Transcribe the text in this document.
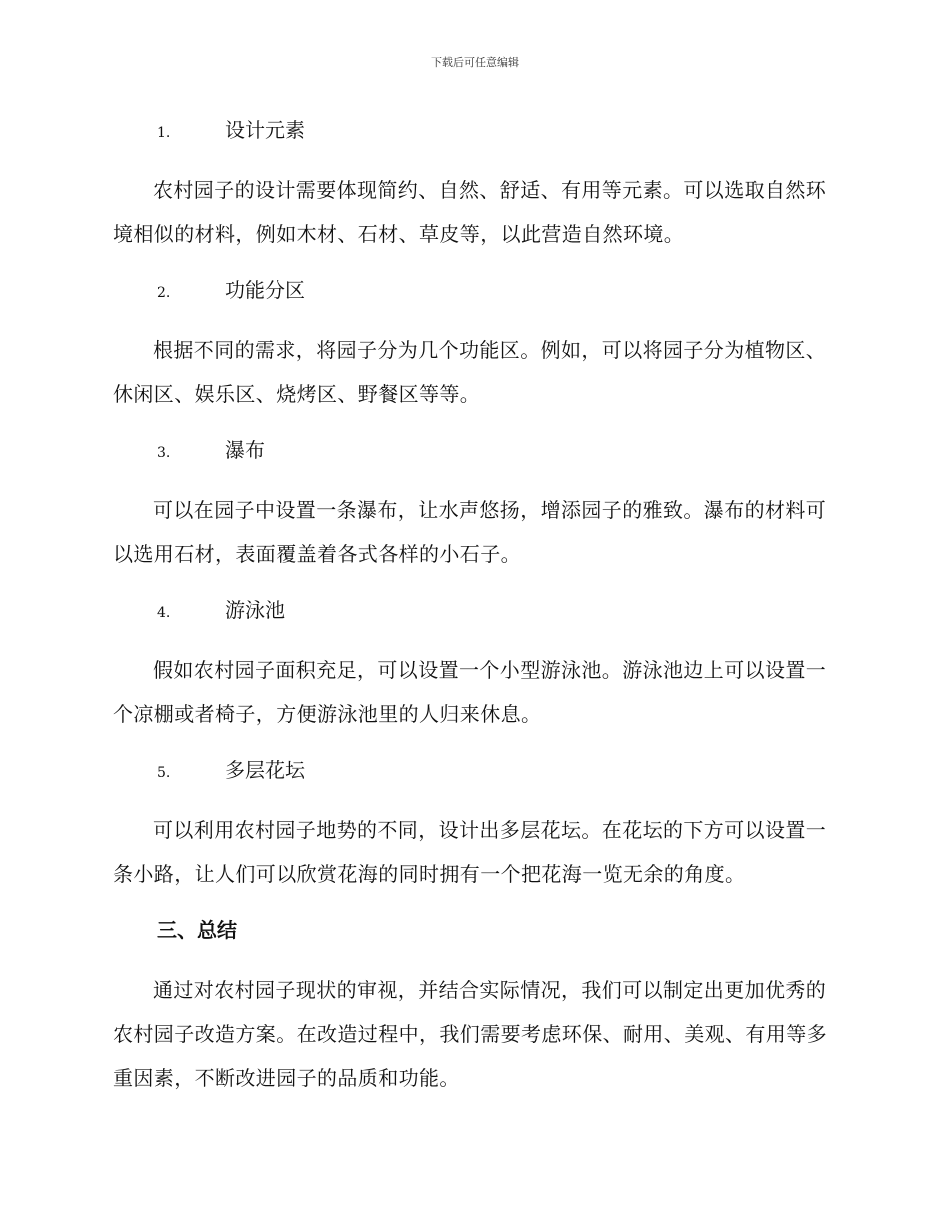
下载后可任意编辑
1.	设计元素

农村园子的设计需要体现简约、自然、舒适、有用等元素。可以选取自然环境相似的材料，例如木材、石材、草皮等，以此营造自然环境。

2.	功能分区

根据不同的需求，将园子分为几个功能区。例如，可以将园子分为植物区、休闲区、娱乐区、烧烤区、野餐区等等。

3.	瀑布

可以在园子中设置一条瀑布，让水声悠扬，增添园子的雅致。瀑布的材料可以选用石材，表面覆盖着各式各样的小石子。

4.	游泳池

假如农村园子面积充足，可以设置一个小型游泳池。游泳池边上可以设置一个凉棚或者椅子，方便游泳池里的人归来休息。

5.	多层花坛

可以利用农村园子地势的不同，设计出多层花坛。在花坛的下方可以设置一条小路，让人们可以欣赏花海的同时拥有一个把花海一览无余的角度。

三、总结

通过对农村园子现状的审视，并结合实际情况，我们可以制定出更加优秀的农村园子改造方案。在改造过程中，我们需要考虑环保、耐用、美观、有用等多重因素，不断改进园子的品质和功能。
